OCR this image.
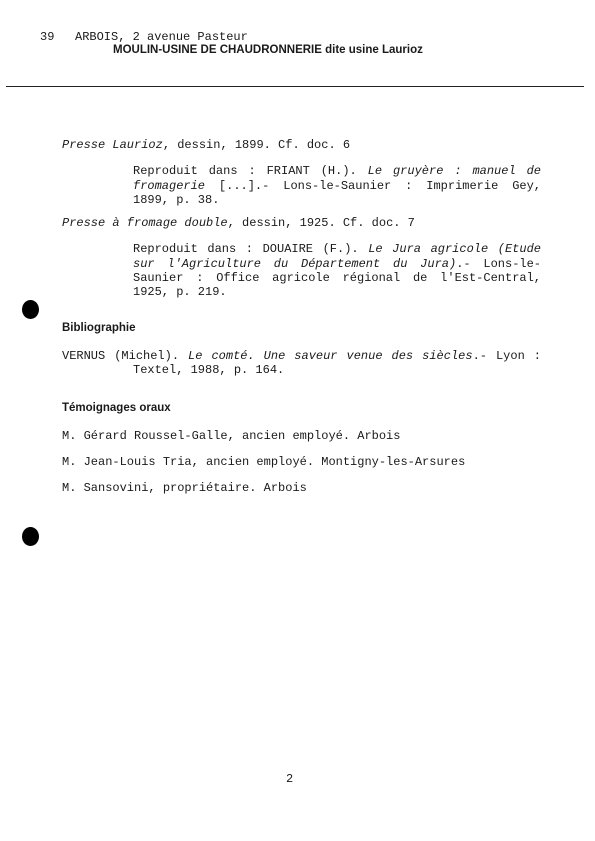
39 ARBOIS, 2 avenue Pasteur
MOULIN-USINE DE CHAUDRONNERIE dite usine Laurioz
Presse Laurioz, dessin, 1899. Cf. doc. 6
Reproduit dans : FRIANT (H.). Le gruyère : manuel de
fromagerie [...].- Lons-le-Saunier : Imprimerie Gey,
1899, p. 38.
Presse à fromage double, dessin, 1925. Cf. doc. 7
Reproduit dans : DOUAIRE (F.). Le Jura agricole (Etude
sur l'Agriculture du Département du Jura).- Lons-le-
Saunier : Office agricole régional de l'Est-Central,
1925, p. 219.
Bibliographie
VERNUS (Michel). Le comté. Une saveur venue des siècles.- Lyon :
Textel, 1988, p. 164.
Témoignages oraux
M. Gérard Roussel-Galle, ancien employé. Arbois
M. Jean-Louis Tria, ancien employé. Montigny-les-Arsures
M. Sansovini, propriétaire. Arbois
2
